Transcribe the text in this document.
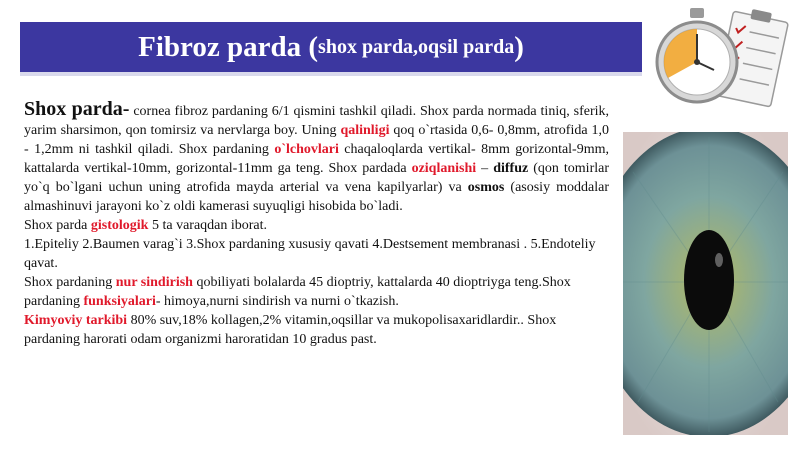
Fibroz parda ( shox parda,oqsil parda )

Shox parda- cornea fibroz pardaning 6/1 qismini tashkil qiladi. Shox parda normada tiniq, sferik, yarim sharsimon, qon tomirsiz va nervlarga boy. Uning qalinligi qoq o`rtasida 0,6- 0,8mm, atrofida 1,0 - 1,2mm ni tashkil qiladi. Shox pardaning o`lchovlari chaqaloqlarda vertikal- 8mm gorizontal-9mm, kattalarda vertikal-10mm, gorizontal-11mm ga teng. Shox pardada oziqlanishi – diffuz (qon tomirlar yo`q bo`lgani uchun uning atrofida mayda arterial va vena kapilyarlar) va osmos (asosiy moddalar almashinuvi jarayoni ko`z oldi kamerasi suyuqligi hisobida bo`ladi.

Shox parda gistologik 5 ta varaqdan iborat.

1.Epiteliy 2.Baumen varag`i 3.Shox pardaning xususiy qavati 4.Destsement membranasi . 5.Endoteliy qavat.

Shox pardaning nur sindirish qobiliyati bolalarda 45 dioptriy, kattalarda 40 dioptriyga teng.Shox pardaning funksiyalari- himoya,nurni sindirish va nurni o`tkazish.

Kimyoviy tarkibi 80% suv,18% kollagen,2% vitamin,oqsillar va mukopolisaxaridlardir.. Shox pardaning harorati odam organizmi haroratidan 10 gradus past.
